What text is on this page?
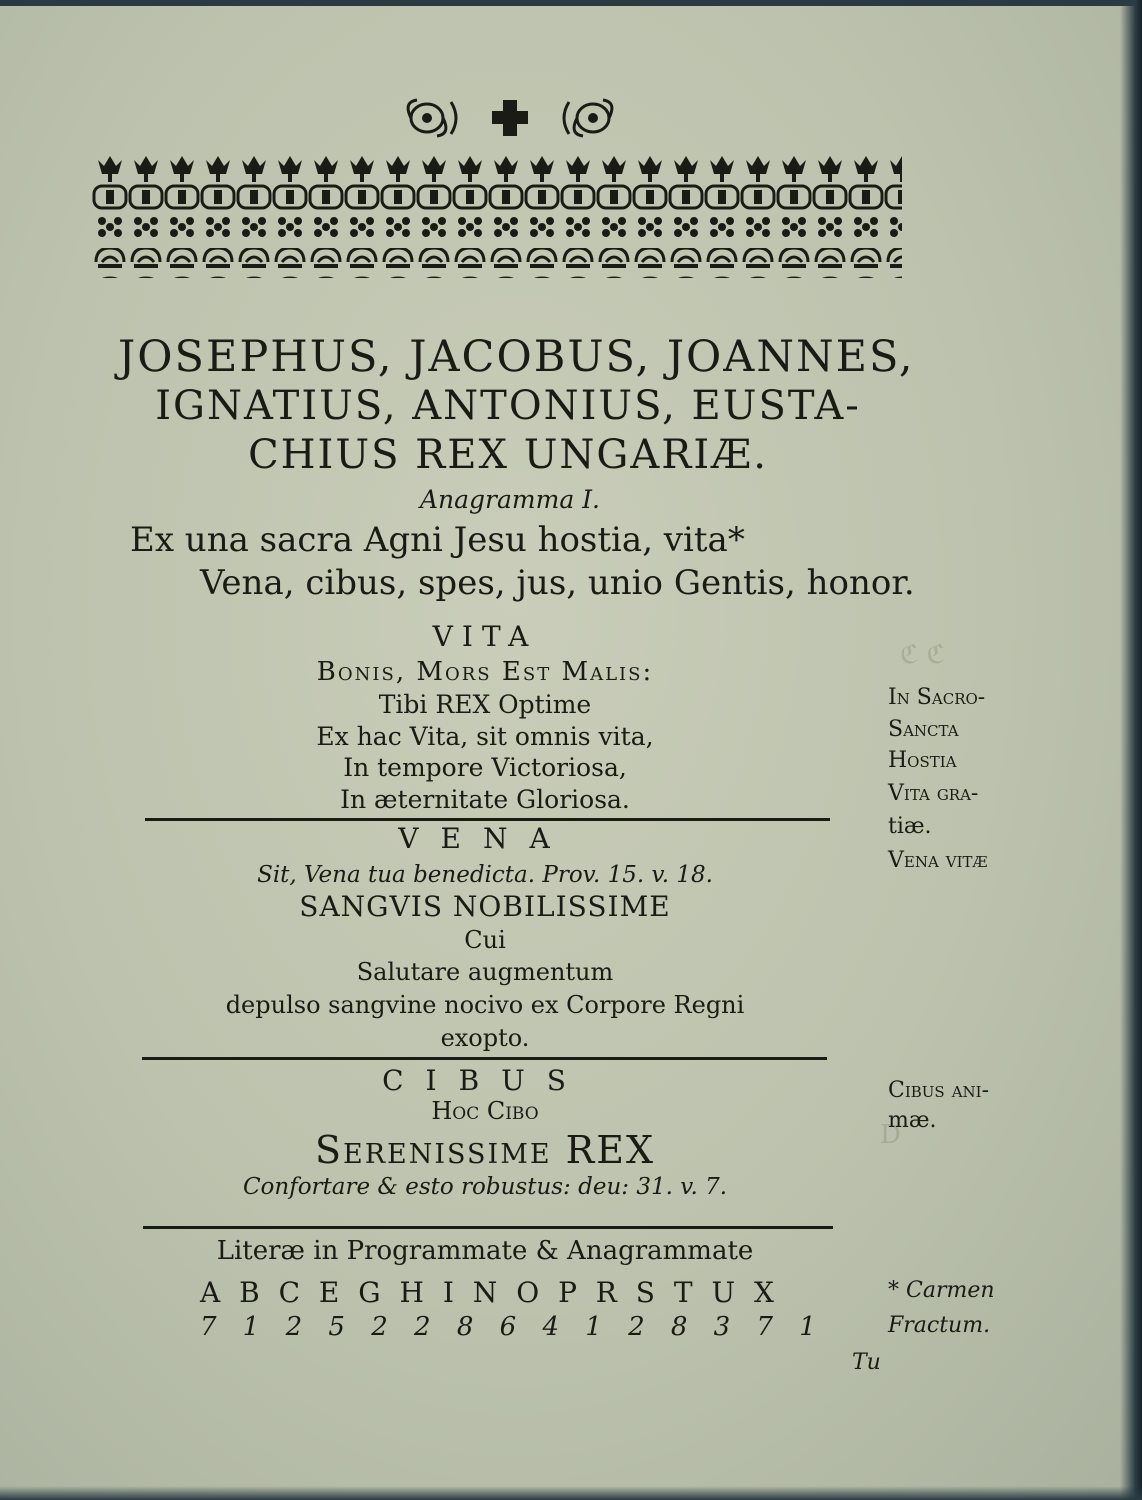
ℭ ℭ
Ⅾ
JOSEPHUS, JACOBUS, JOANNES,
IGNATIUS, ANTONIUS, EUSTA-
CHIUS REX UNGARIÆ.
Anagramma I.
Ex una sacra Agni Jesu hostia, vita*
Vena, cibus, spes, jus, unio Gentis, honor.
VITA
Bonis, Mors Est Malis:
Tibi REX Optime
Ex hac Vita, sit omnis vita,
In tempore Victoriosa,
In æternitate Gloriosa.
VENA
Sit, Vena tua benedicta. Prov. 15. v. 18.
SANGVIS NOBILISSIME
Cui
Salutare augmentum
depulso sangvine nocivo ex Corpore Regni
exopto.
CIBUS
Hoc Cibo
Serenissime REX
Confortare & esto robustus: deu: 31. v. 7.
Literæ in Programmate & Anagrammate
A B C E G H I N O P R S T U X
7 1 2 5 2 2 8 6 4 1 2 8 3 7 1
In Sacro-
Sancta
Hostia
Vita gra-
tiæ.
Vena vitæ
Cibus ani-
mæ.
* Carmen
Fractum.
Tu
